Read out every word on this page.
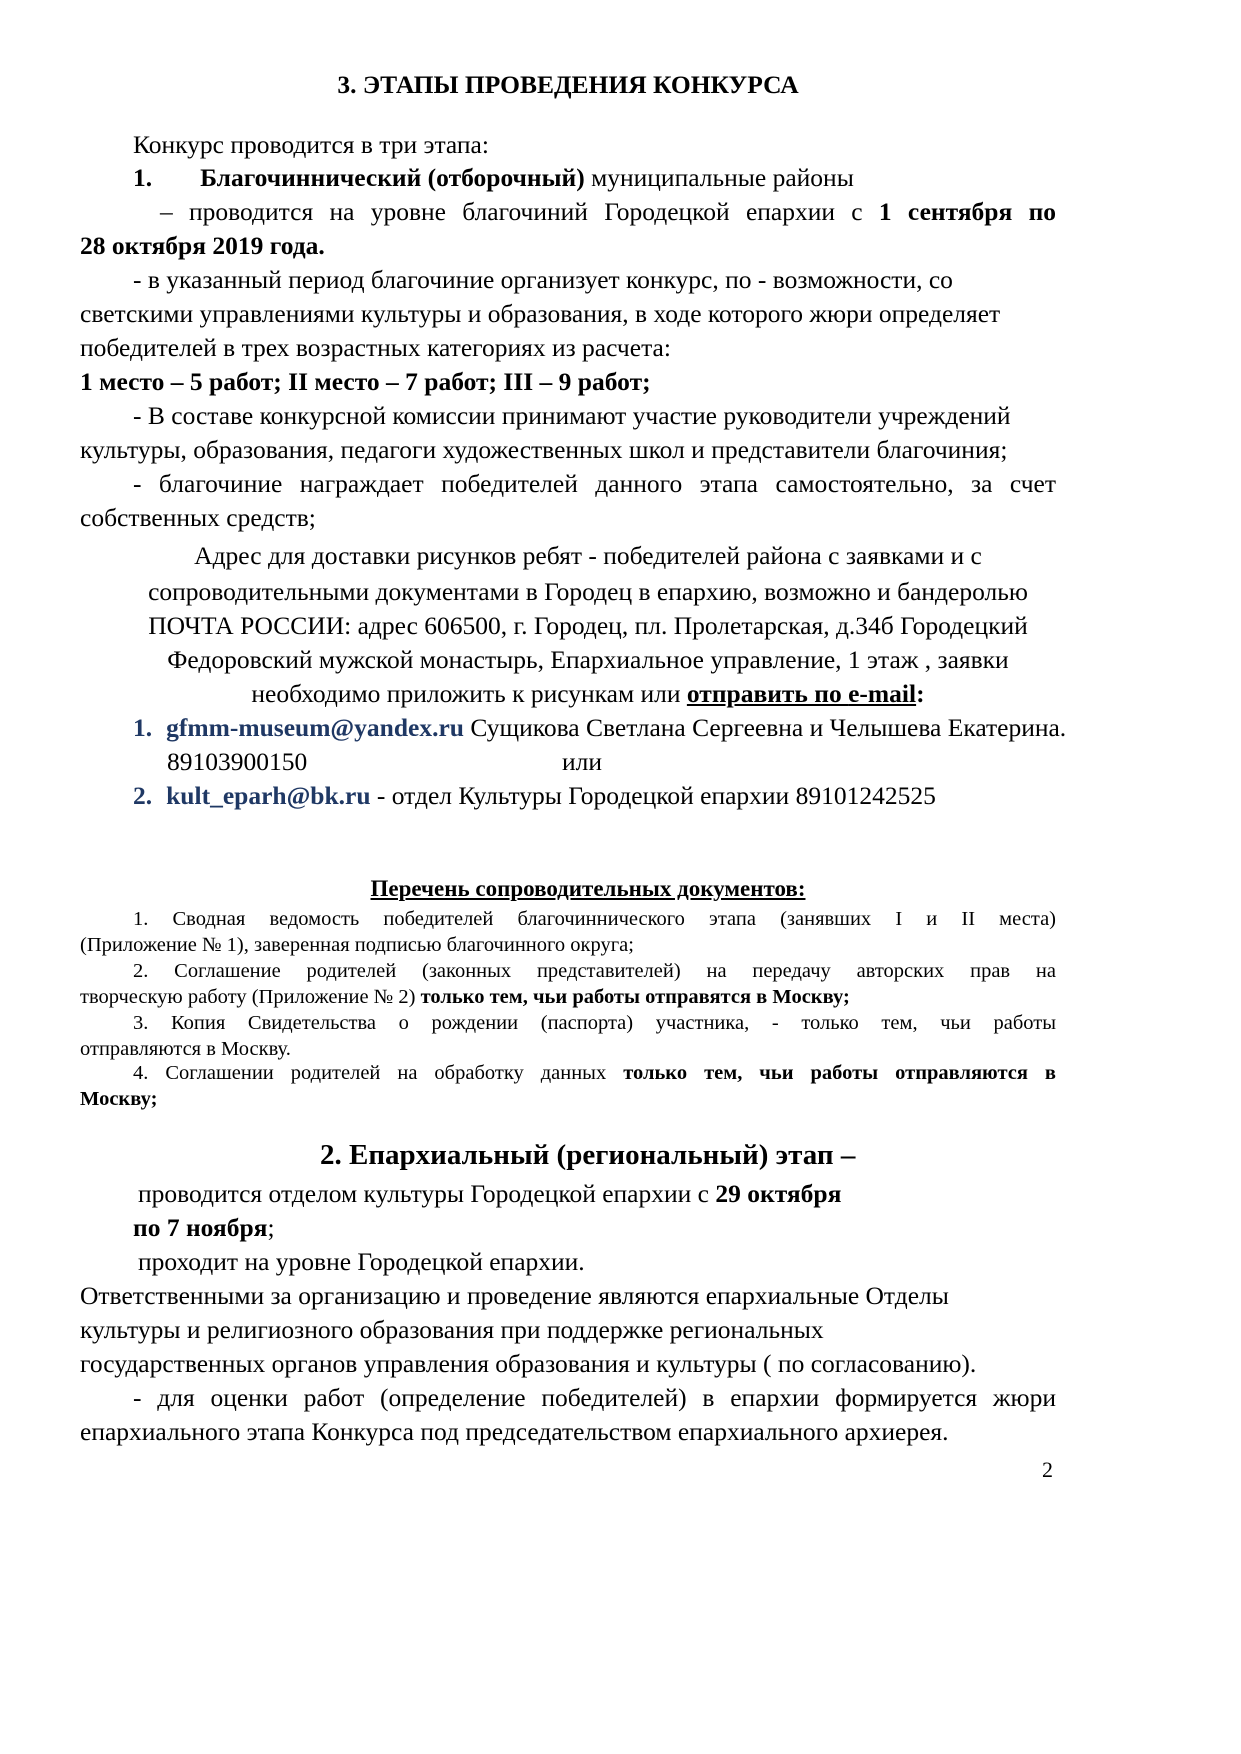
3. ЭТАПЫ ПРОВЕДЕНИЯ КОНКУРСА
Конкурс проводится в три этапа:
1. Благочиннический (отборочный) муниципальные районы
– проводится на уровне благочиний Городецкой епархии с 1 сентября по
28 октября 2019 года.
- в указанный период благочиние организует конкурс, по - возможности, со
светскими управлениями культуры и образования, в ходе которого жюри определяет
победителей в трех возрастных категориях из расчета:
1 место – 5 работ; II место – 7 работ; III – 9 работ;
- В составе конкурсной комиссии принимают участие руководители учреждений
культуры, образования, педагоги художественных школ и представители благочиния;
- благочиние награждает победителей данного этапа самостоятельно, за счет
собственных средств;
Адрес для доставки рисунков ребят - победителей района с заявками и с
сопроводительными документами в Городец в епархию, возможно и бандеролью
ПОЧТА РОССИИ: адрес 606500, г. Городец, пл. Пролетарская, д.34б Городецкий
Федоровский мужской монастырь, Епархиальное управление, 1 этаж , заявки
необходимо приложить к рисункам или отправить по e-mail:
1. gfmm-museum@yandex.ru Сущикова Светлана Сергеевна и Челышева Екатерина.
89103900150	или
2. kult_eparh@bk.ru - отдел Культуры Городецкой епархии 89101242525
Перечень сопроводительных документов:
1. Сводная ведомость победителей благочиннического этапа (занявших I и II места)
(Приложение № 1), заверенная подписью благочинного округа;
2. Соглашение родителей (законных представителей) на передачу авторских прав на
творческую работу (Приложение № 2) только тем, чьи работы отправятся в Москву;
3. Копия Свидетельства о рождении (паспорта) участника, - только тем, чьи работы
отправляются в Москву.
4. Соглашении родителей на обработку данных только тем, чьи работы отправляются в
Москву;
2. Епархиальный (региональный) этап –
проводится отделом культуры Городецкой епархии с 29 октября
по 7 ноября;
проходит на уровне Городецкой епархии.
Ответственными за организацию и проведение являются епархиальные Отделы
культуры и религиозного образования при поддержке региональных
государственных органов управления образования и культуры ( по согласованию).
- для оценки работ (определение победителей) в епархии формируется жюри
епархиального этапа Конкурса под председательством епархиального архиерея.
2
